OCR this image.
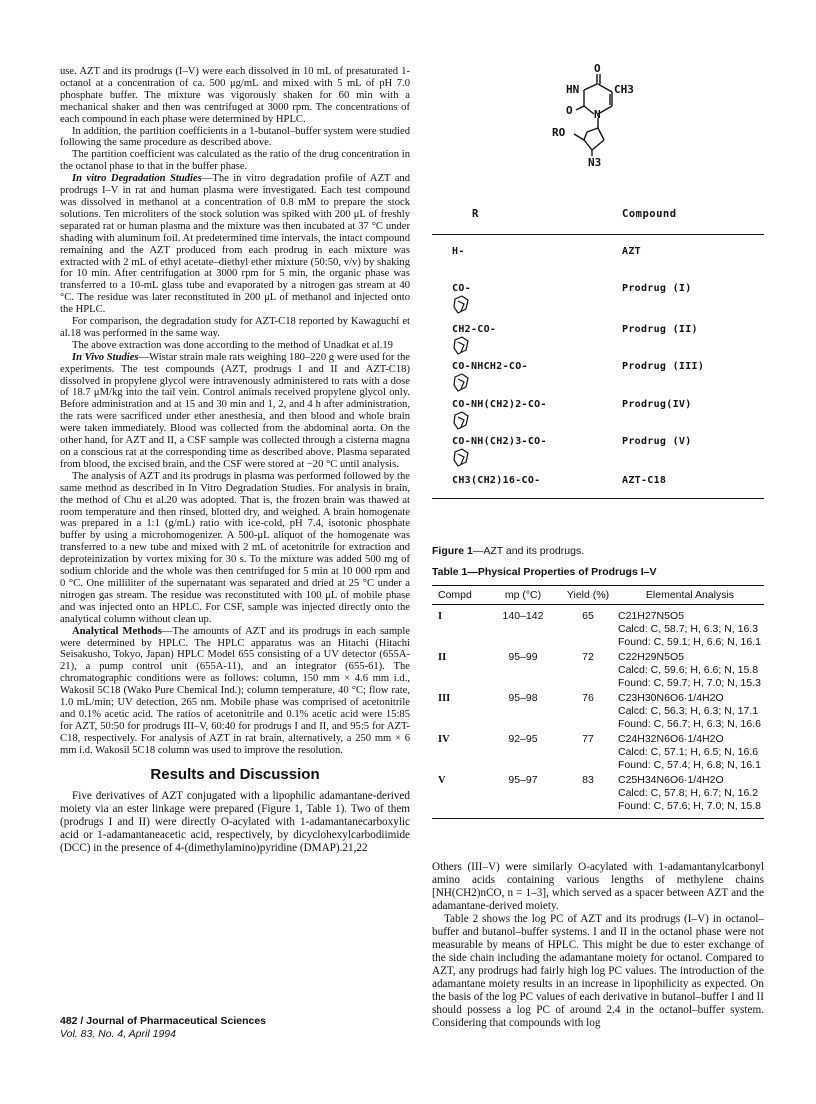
use. AZT and its prodrugs (I–V) were each dissolved in 10 mL of presaturated 1-octanol at a concentration of ca. 500 μg/mL and mixed with 5 mL of pH 7.0 phosphate buffer. The mixture was vigorously shaken for 60 min with a mechanical shaker and then was centrifuged at 3000 rpm. The concentrations of each compound in each phase were determined by HPLC.

In addition, the partition coefficients in a 1-butanol–buffer system were studied following the same procedure as described above.

The partition coefficient was calculated as the ratio of the drug concentration in the octanol phase to that in the buffer phase.

In vitro Degradation Studies—The in vitro degradation profile of AZT and prodrugs I–V in rat and human plasma were investigated. Each test compound was dissolved in methanol at a concentration of 0.8 mM to prepare the stock solutions. Ten microliters of the stock solution was spiked with 200 μL of freshly separated rat or human plasma and the mixture was then incubated at 37 °C under shading with aluminum foil. At predetermined time intervals, the intact compound remaining and the AZT produced from each prodrug in each mixture was extracted with 2 mL of ethyl acetate–diethyl ether mixture (50:50, v/v) by shaking for 10 min. After centrifugation at 3000 rpm for 5 min, the organic phase was transferred to a 10-mL glass tube and evaporated by a nitrogen gas stream at 40 °C. The residue was later reconstituted in 200 μL of methanol and injected onto the HPLC.

For comparison, the degradation study for AZT-C18 reported by Kawaguchi et al.18 was performed in the same way.

The above extraction was done according to the method of Unadkat et al.19

In Vivo Studies—Wistar strain male rats weighing 180–220 g were used for the experiments. The test compounds (AZT, prodrugs I and II and AZT-C18) dissolved in propylene glycol were intravenously administered to rats with a dose of 18.7 μM/kg into the tail vein. Control animals received propylene glycol only. Before administration and at 15 and 30 min and 1, 2, and 4 h after administration, the rats were sacrificed under ether anesthesia, and then blood and whole brain were taken immediately. Blood was collected from the abdominal aorta. On the other hand, for AZT and II, a CSF sample was collected through a cisterna magna on a conscious rat at the corresponding time as described above. Plasma separated from blood, the excised brain, and the CSF were stored at −20 °C until analysis.

The analysis of AZT and its prodrugs in plasma was performed followed by the same method as described in In Vitro Degradation Studies. For analysis in brain, the method of Chu et al.20 was adopted. That is, the frozen brain was thawed at room temperature and then rinsed, blotted dry, and weighed. A brain homogenate was prepared in a 1:1 (g/mL) ratio with ice-cold, pH 7.4, isotonic phosphate buffer by using a microhomogenizer. A 500-μL aliquot of the homogenate was transferred to a new tube and mixed with 2 mL of acetonitrile for extraction and deproteinization by vortex mixing for 30 s. To the mixture was added 500 mg of sodium chloride and the whole was then centrifuged for 5 min at 10 000 rpm and 0 °C. One milliliter of the supernatant was separated and dried at 25 °C under a nitrogen gas stream. The residue was reconstituted with 100 μL of mobile phase and was injected onto an HPLC. For CSF, sample was injected directly onto the analytical column without clean up.

Analytical Methods—The amounts of AZT and its prodrugs in each sample were determined by HPLC. The HPLC apparatus was an Hitachi (Hitachi Seisakusho, Tokyo, Japan) HPLC Model 655 consisting of a UV detector (655A-21), a pump control unit (655A-11), and an integrator (655-61). The chromatographic conditions were as follows: column, 150 mm × 4.6 mm i.d., Wakosil 5C18 (Wako Pure Chemical Ind.); column temperature, 40 °C; flow rate, 1.0 mL/min; UV detection, 265 nm. Mobile phase was comprised of acetonitrile and 0.1% acetic acid. The ratios of acetonitrile and 0.1% acetic acid were 15:85 for AZT, 50:50 for prodrugs III–V, 60:40 for prodrugs I and II, and 95:5 for AZT-C18, respectively. For analysis of AZT in rat brain, alternatively, a 250 mm × 6 mm i.d. Wakosil 5C18 column was used to improve the resolution.

Results and Discussion

Five derivatives of AZT conjugated with a lipophilic adamantane-derived moiety via an ester linkage were prepared (Figure 1, Table 1). Two of them (prodrugs I and II) were directly O-acylated with 1-adamantanecarboxylic acid or 1-adamantaneacetic acid, respectively, by dicyclohexylcarbodiimide (DCC) in the presence of 4-(dimethylamino)pyridine (DMAP).21,22

O
HN	CH3
O N
RO
N3
R	Compound
H-	AZT
CO-	Prodrug (I)
CH2-CO-	Prodrug (II)
CO-NHCH2-CO-	Prodrug (III)
CO-NH(CH2)2-CO-	Prodrug(IV)
CO-NH(CH2)3-CO-	Prodrug (V)
CH3(CH2)16-CO-	AZT-C18
Figure 1—AZT and its prodrugs.
Table 1—Physical Properties of Prodrugs I–V
Compd	mp (°C)	Yield (%)	Elemental Analysis
I	140–142	65	C21H27N5O5
Calcd: C, 58.7; H, 6.3; N, 16.3
Found: C, 59.1; H, 6.6; N, 16.1

II	95–99	72	C22H29N5O5
Calcd: C, 59.6; H, 6.6; N, 15.8
Found: C, 59.7; H, 7.0; N, 15.3

III	95–98	76	C23H30N6O6·1/4H2O
Calcd: C, 56.3; H, 6.3; N, 17.1
Found: C, 56.7; H, 6.3; N, 16.6

IV	92–95	77	C24H32N6O6·1/4H2O
Calcd: C, 57.1; H, 6.5; N, 16.6
Found: C, 57.4; H, 6.8; N, 16.1

V	95–97	83	C25H34N6O6·1/4H2O
Calcd: C, 57.8; H, 6.7; N, 16.2
Found: C, 57.6; H, 7.0; N, 15.8

Others (III–V) were similarly O-acylated with 1-adamantanylcarbonyl amino acids containing various lengths of methylene chains [NH(CH2)nCO, n = 1–3], which served as a spacer between AZT and the adamantane-derived moiety.

Table 2 shows the log PC of AZT and its prodrugs (I–V) in octanol–buffer and butanol–buffer systems. I and II in the octanol phase were not measurable by means of HPLC. This might be due to ester exchange of the side chain including the adamantane moiety for octanol. Compared to AZT, any prodrugs had fairly high log PC values. The introduction of the adamantane moiety results in an increase in lipophilicity as expected. On the basis of the log PC values of each derivative in butanol–buffer I and II should possess a log PC of around 2.4 in the octanol–buffer system. Considering that compounds with log

482 / Journal of Pharmaceutical Sciences
Vol. 83, No. 4, April 1994
